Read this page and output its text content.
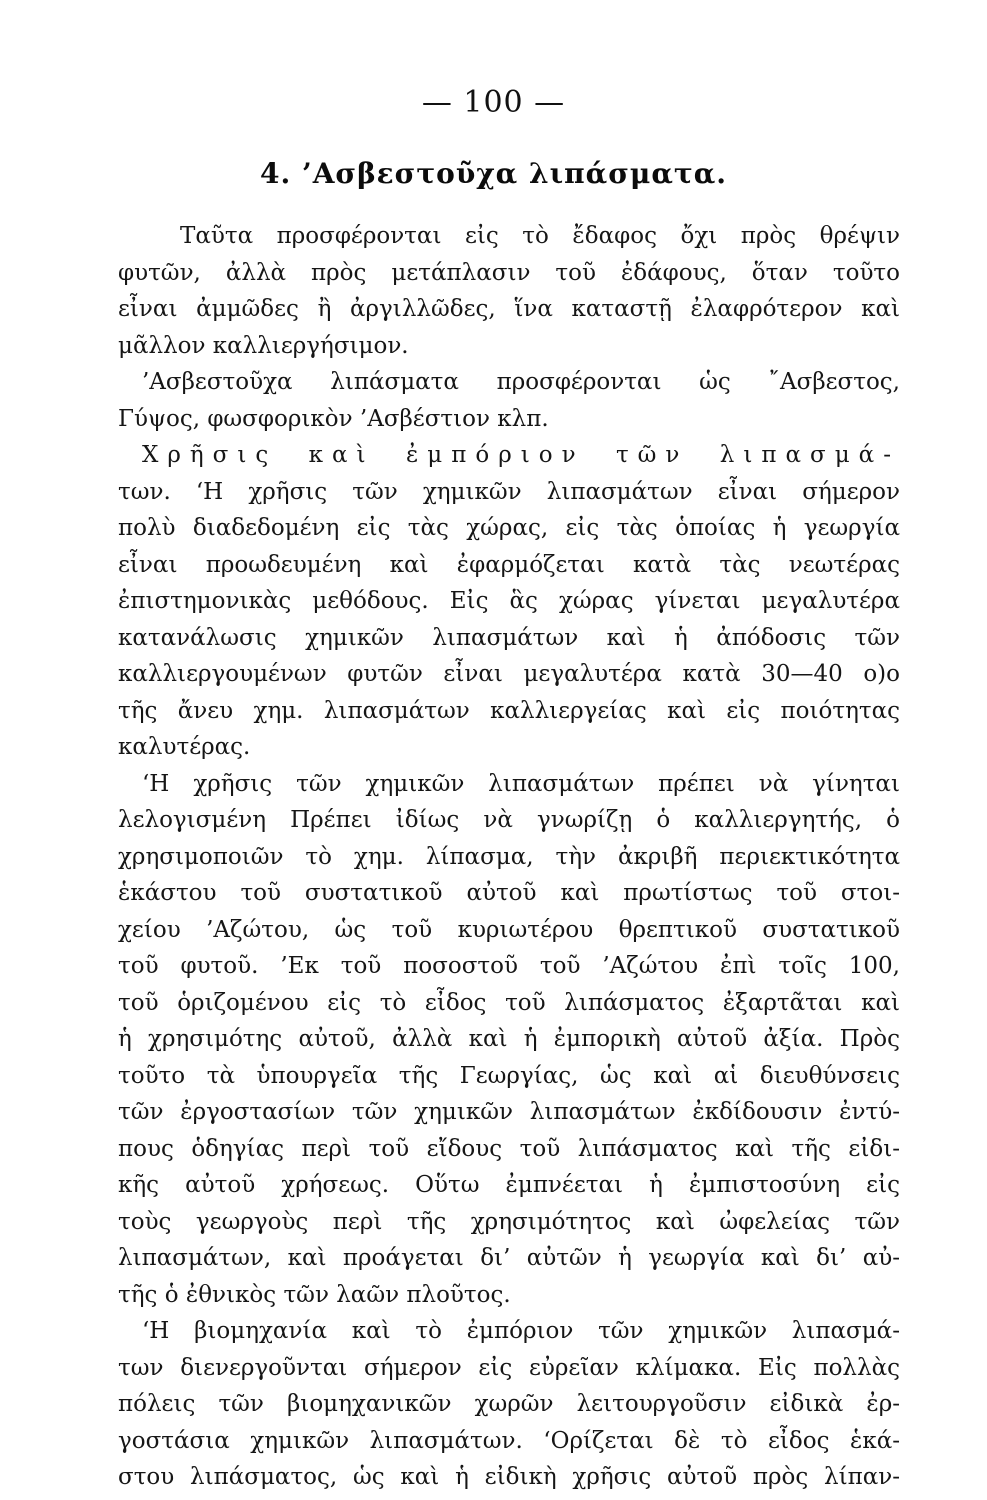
— 100 —
4. ’Ασβεστοῦχα λιπάσματα.
Ταῦτα προσφέρονται εἰς τὸ ἔδαφος ὄχι πρὸς θρέψιν
φυτῶν, ἀλλὰ πρὸς μετάπλασιν τοῦ ἐδάφους, ὅταν τοῦτο
εἶναι ἀμμῶδες ἢ ἀργιλλῶδες, ἵνα καταστῇ ἐλαφρότερον καὶ
μᾶλλον καλλιεργήσιμον.
’Ασβεστοῦχα λιπάσματα προσφέρονται ὡς ῎Ασβεστος,
Γύψος, φωσφορικὸν ’Ασβέστιον κλπ.
Χρῆσις καὶ ἐμπόριον τῶν λιπασμά-
των. ‘Η χρῆσις τῶν χημικῶν λιπασμάτων εἶναι σήμερον
πολὺ διαδεδομένη εἰς τὰς χώρας, εἰς τὰς ὁποίας ἡ γεωργία
εἶναι προωδευμένη καὶ ἐφαρμόζεται κατὰ τὰς νεωτέρας
ἐπιστημονικὰς μεθόδους. Εἰς ἃς χώρας γίνεται μεγαλυτέρα
κατανάλωσις χημικῶν λιπασμάτων καὶ ἡ ἀπόδοσις τῶν
καλλιεργουμένων φυτῶν εἶναι μεγαλυτέρα κατὰ 30—40 ο)ο
τῆς ἄνευ χημ. λιπασμάτων καλλιεργείας καὶ εἰς ποιότητας
καλυτέρας.
‘Η χρῆσις τῶν χημικῶν λιπασμάτων πρέπει νὰ γίνηται
λελογισμένη Πρέπει ἰδίως νὰ γνωρίζῃ ὁ καλλιεργητής, ὁ
χρησιμοποιῶν τὸ χημ. λίπασμα, τὴν ἀκριβῆ περιεκτικότητα
ἑκάστου τοῦ συστατικοῦ αὐτοῦ καὶ πρωτίστως τοῦ στοι-
χείου ’Αζώτου, ὡς τοῦ κυριωτέρου θρεπτικοῦ συστατικοῦ
τοῦ φυτοῦ. ’Εκ τοῦ ποσοστοῦ τοῦ ’Αζώτου ἐπὶ τοῖς 100,
τοῦ ὁριζομένου εἰς τὸ εἶδος τοῦ λιπάσματος ἐξαρτᾶται καὶ
ἡ χρησιμότης αὐτοῦ, ἀλλὰ καὶ ἡ ἐμπορικὴ αὐτοῦ ἀξία. Πρὸς
τοῦτο τὰ ὑπουργεῖα τῆς Γεωργίας, ὡς καὶ αἱ διευθύνσεις
τῶν ἐργοστασίων τῶν χημικῶν λιπασμάτων ἐκδίδουσιν ἐντύ-
πους ὁδηγίας περὶ τοῦ εἴδους τοῦ λιπάσματος καὶ τῆς εἰδι-
κῆς αὐτοῦ χρήσεως. Οὕτω ἐμπνέεται ἡ ἐμπιστοσύνη εἰς
τοὺς γεωργοὺς περὶ τῆς χρησιμότητος καὶ ὠφελείας τῶν
λιπασμάτων, καὶ προάγεται δι’ αὐτῶν ἡ γεωργία καὶ δι’ αὐ-
τῆς ὁ ἐθνικὸς τῶν λαῶν πλοῦτος.
‘Η βιομηχανία καὶ τὸ ἐμπόριον τῶν χημικῶν λιπασμά-
των διενεργοῦνται σήμερον εἰς εὐρεῖαν κλίμακα. Εἰς πολλὰς
πόλεις τῶν βιομηχανικῶν χωρῶν λειτουργοῦσιν εἰδικὰ ἐρ-
γοστάσια χημικῶν λιπασμάτων. ‘Ορίζεται δὲ τὸ εἶδος ἑκά-
στου λιπάσματος, ὡς καὶ ἡ εἰδικὴ χρῆσις αὐτοῦ πρὸς λίπαν-
